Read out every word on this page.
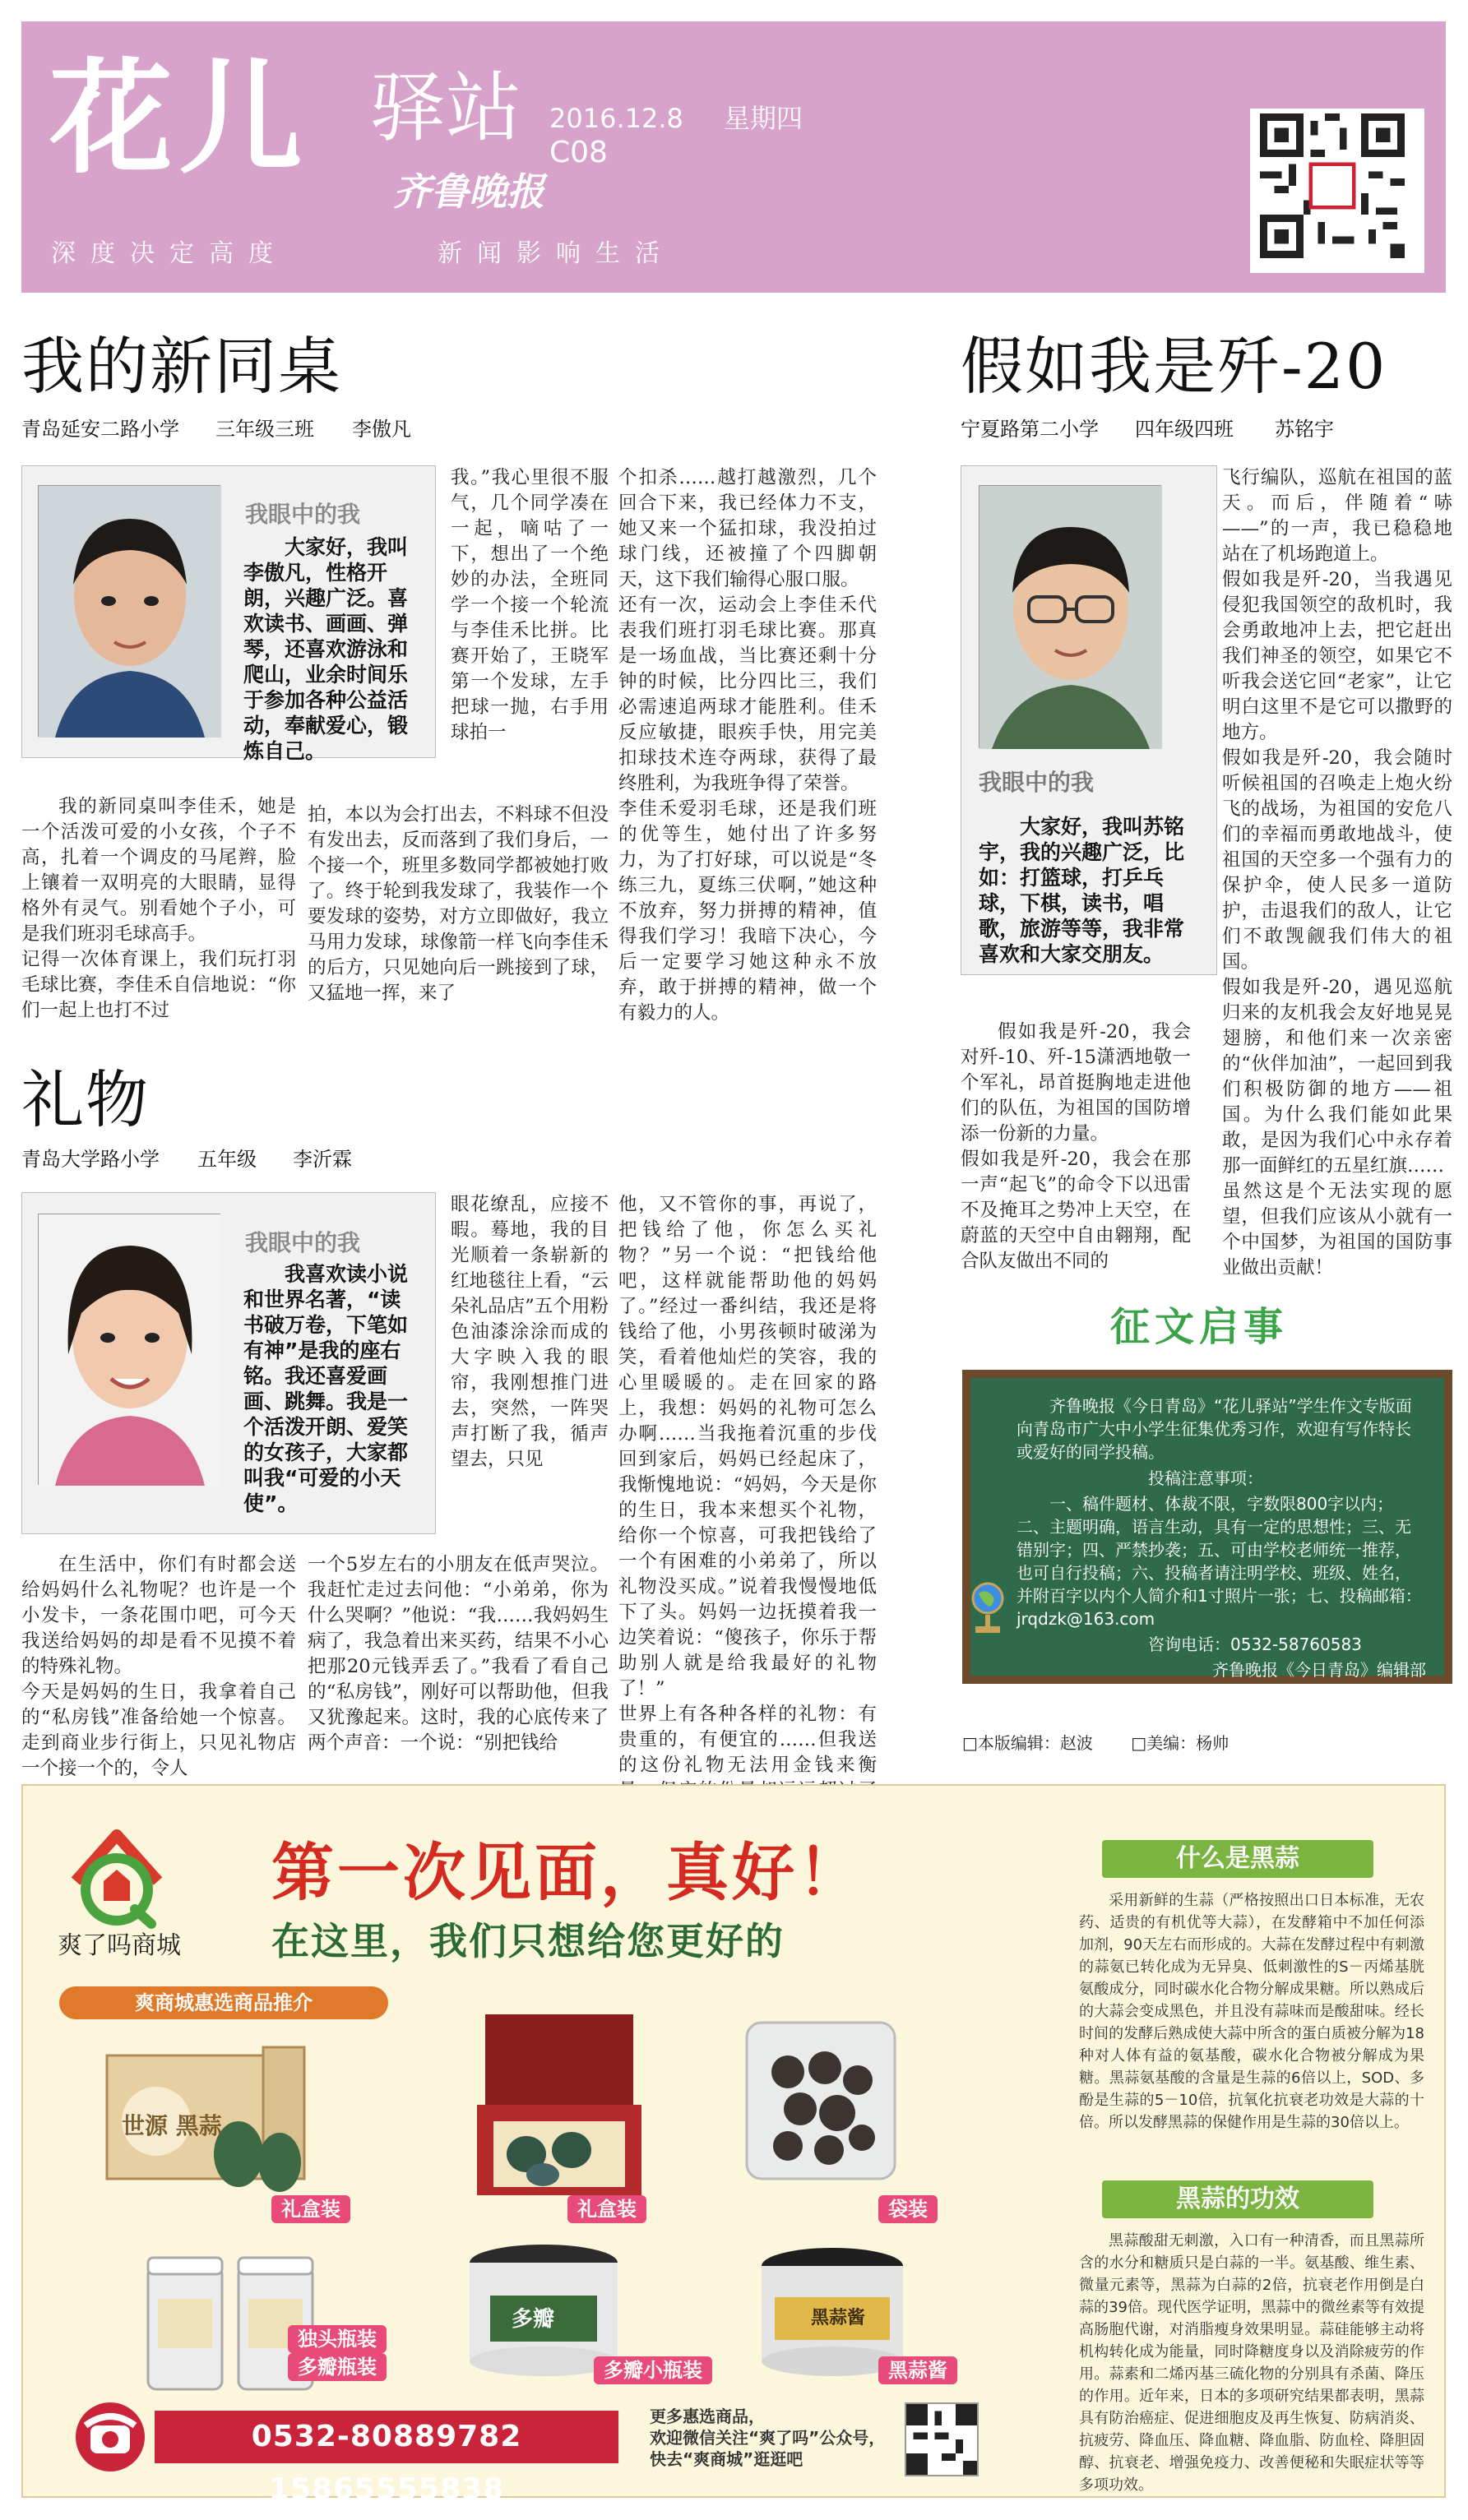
花儿 驿站
齐鲁晚报
2016.12.8 星期四
C08
深度决定高度	新闻影响生活
我的新同桌
青岛延安二路小学 三年级三班 李傲凡
我眼中的我
大家好，我叫李傲凡，性格开朗，兴趣广泛。喜欢读书、画画、弹琴，还喜欢游泳和爬山，业余时间乐于参加各种公益活动，奉献爱心，锻炼自己。
我的新同桌叫李佳禾，她是一个活泼可爱的小女孩，个子不高，扎着一个调皮的马尾辫，脸上镶着一双明亮的大眼睛，显得格外有灵气。别看她个子小，可是我们班羽毛球高手。
记得一次体育课上，我们玩打羽毛球比赛，李佳禾自信地说：“你们一起上也打不过
我。”我心里很不服气，几个同学凑在一起，嘀咕了一下，想出了一个绝妙的办法，全班同学一个接一个轮流与李佳禾比拼。比赛开始了，王晓军第一个发球，左手把球一抛，右手用球拍一
拍，本以为会打出去，不料球不但没有发出去，反而落到了我们身后，一个接一个，班里多数同学都被她打败了。终于轮到我发球了，我装作一个要发球的姿势，对方立即做好，我立马用力发球，球像箭一样飞向李佳禾的后方，只见她向后一跳接到了球，又猛地一挥，来了
个扣杀……越打越激烈，几个回合下来，我已经体力不支，她又来一个猛扣球，我没拍过球门线，还被撞了个四脚朝天，这下我们输得心服口服。
还有一次，运动会上李佳禾代表我们班打羽毛球比赛。那真是一场血战，当比赛还剩十分钟的时候，比分四比三，我们必需速追两球才能胜利。佳禾反应敏捷，眼疾手快，用完美扣球技术连夺两球，获得了最终胜利，为我班争得了荣誉。
李佳禾爱羽毛球，还是我们班的优等生，她付出了许多努力，为了打好球，可以说是“冬练三九，夏练三伏啊，”她这种不放弃，努力拼搏的精神，值得我们学习！我暗下决心，今后一定要学习她这种永不放弃，敢于拼搏的精神，做一个有毅力的人。
礼物
青岛大学路小学 五年级 李沂霖
我眼中的我
我喜欢读小说和世界名著，“读书破万卷，下笔如有神”是我的座右铭。我还喜爱画画、跳舞。我是一个活泼开朗、爱笑的女孩子，大家都叫我“可爱的小天使”。
在生活中，你们有时都会送给妈妈什么礼物呢？也许是一个小发卡，一条花围巾吧，可今天我送给妈妈的却是看不见摸不着的特殊礼物。
今天是妈妈的生日，我拿着自己的“私房钱”准备给她一个惊喜。走到商业步行街上，只见礼物店一个接一个的，令人
眼花缭乱，应接不暇。蓦地，我的目光顺着一条崭新的红地毯往上看，“云朵礼品店”五个用粉色油漆涂涂而成的大字映入我的眼帘，我刚想推门进去，突然，一阵哭声打断了我，循声望去，只见
一个5岁左右的小朋友在低声哭泣。我赶忙走过去问他：“小弟弟，你为什么哭啊？”他说：“我……我妈妈生病了，我急着出来买药，结果不小心把那20元钱弄丢了。”我看了看自己的“私房钱”，刚好可以帮助他，但我又犹豫起来。这时，我的心底传来了两个声音：一个说：“别把钱给
他，又不管你的事，再说了，把钱给了他，你怎么买礼物？”另一个说：“把钱给他吧，这样就能帮助他的妈妈了。”经过一番纠结，我还是将钱给了他，小男孩顿时破涕为笑，看着他灿烂的笑容，我的心里暖暖的。走在回家的路上，我想：妈妈的礼物可怎么办啊……当我拖着沉重的步伐回到家后，妈妈已经起床了，我惭愧地说：“妈妈，今天是你的生日，我本来想买个礼物，给你一个惊喜，可我把钱给了一个有困难的小弟弟了，所以礼物没买成。”说着我慢慢地低下了头。妈妈一边抚摸着我一边笑着说：“傻孩子，你乐于帮助别人就是给我最好的礼物了！”
世界上有各种各样的礼物：有贵重的，有便宜的……但我送的这份礼物无法用金钱来衡
假如我是歼-20
宁夏路第二小学 四年级四班 苏铭宇
我眼中的我
大家好，我叫苏铭宇，我的兴趣广泛，比如：打篮球，打乒乓球，下棋，读书，唱歌，旅游等等，我非常喜欢和大家交朋友。
假如我是歼-20，我会对歼-10、歼-15潇洒地敬一个军礼，昂首挺胸地走进他们的队伍，为祖国的国防增添一份新的力量。
假如我是歼-20，我会在那一声“起飞”的命令下以迅雷不及掩耳之势冲上天空，在蔚蓝的天空中自由翱翔，配合队友做出不同的
飞行编队，巡航在祖国的蓝天。而后，伴随着“哧——”的一声，我已稳稳地站在了机场跑道上。
假如我是歼-20，当我遇见侵犯我国领空的敌机时，我会勇敢地冲上去，把它赶出我们神圣的领空，如果它不听我会送它回“老家”，让它明白这里不是它可以撒野的地方。
假如我是歼-20，我会随时听候祖国的召唤走上炮火纷飞的战场，为祖国的安危八们的幸福而勇敢地战斗，使祖国的天空多一个强有力的保护伞，使人民多一道防护，击退我们的敌人，让它们不敢觊觎我们伟大的祖国。
假如我是歼-20，遇见巡航归来的友机我会友好地晃晃翅膀，和他们来一次亲密的“伙伴加油”，一起回到我们积极防御的地方——祖国。为什么我们能如此果敢，是因为我们心中永存着那一面鲜红的五星红旗……
虽然这是个无法实现的愿望，但我们应该从小就有一个中国梦，为祖国的国防事业做出贡献！
征文启事

齐鲁晚报《今日青岛》“花儿驿站”学生作文专版面向青岛市广大中小学生征集优秀习作，欢迎有写作特长或爱好的同学投稿。

投稿注意事项：

一、稿件题材、体裁不限，字数限800字以内；二、主题明确，语言生动，具有一定的思想性；三、无错别字；四、严禁抄袭；五、可由学校老师统一推荐，也可自行投稿；六、投稿者请注明学校、班级、姓名，并附百字以内个人简介和1寸照片一张；七、投稿邮箱：jrqdzk@163.com

咨询电话：0532-58760583

齐鲁晚报《今日青岛》编辑部

□本版编辑：赵波 □美编：杨帅
爽了吗商城
第一次见面，真好！
在这里，我们只想给您更好的
爽商城惠选商品推介
世源 黑蒜
礼盒装	礼盒装	袋装
独头瓶装
多瓣瓶装
多瓣
多瓣小瓶装
黑蒜酱
黑蒜酱
0532-80889782 15865555838
更多惠选商品，
欢迎微信关注“爽了吗”公众号，
快去“爽商城”逛逛吧
什么是黑蒜
采用新鲜的生蒜（严格按照出口日本标准，无农药、适贵的有机优等大蒜），在发酵箱中不加任何添加剂，90天左右而形成的。大蒜在发酵过程中有刺激的蒜氨已转化成为无异臭、低刺激性的S－丙烯基胱氨酸成分，同时碳水化合物分解成果糖。所以熟成后的大蒜会变成黑色，并且没有蒜味而是酸甜味。经长时间的发酵后熟成使大蒜中所含的蛋白质被分解为18种对人体有益的氨基酸，碳水化合物被分解成为果糖。黑蒜氨基酸的含量是生蒜的6倍以上，SOD、多酚是生蒜的5－10倍，抗氧化抗衰老功效是大蒜的十倍。所以发酵黑蒜的保健作用是生蒜的30倍以上。
黑蒜的功效
黑蒜酸甜无刺激，入口有一种清香，而且黑蒜所含的水分和糖质只是白蒜的一半。氨基酸、维生素、微量元素等，黑蒜为白蒜的2倍，抗衰老作用倒是白蒜的39倍。现代医学证明，黑蒜中的微丝素等有效提高肠胞代谢，对消脂瘦身效果明显。蒜硅能够主动将机构转化成为能量，同时降糖度身以及消除疲劳的作用。蒜素和二烯丙基三硫化物的分别具有杀菌、降压的作用。近年来，日本的多项研究结果都表明，黑蒜具有防治癌症、促进细胞皮及再生恢复、防病消炎、抗疲劳、降血压、降血糖、降血脂、防血栓、降胆固醇、抗衰老、增强免疫力、改善便秘和失眠症状等等多项功效。
